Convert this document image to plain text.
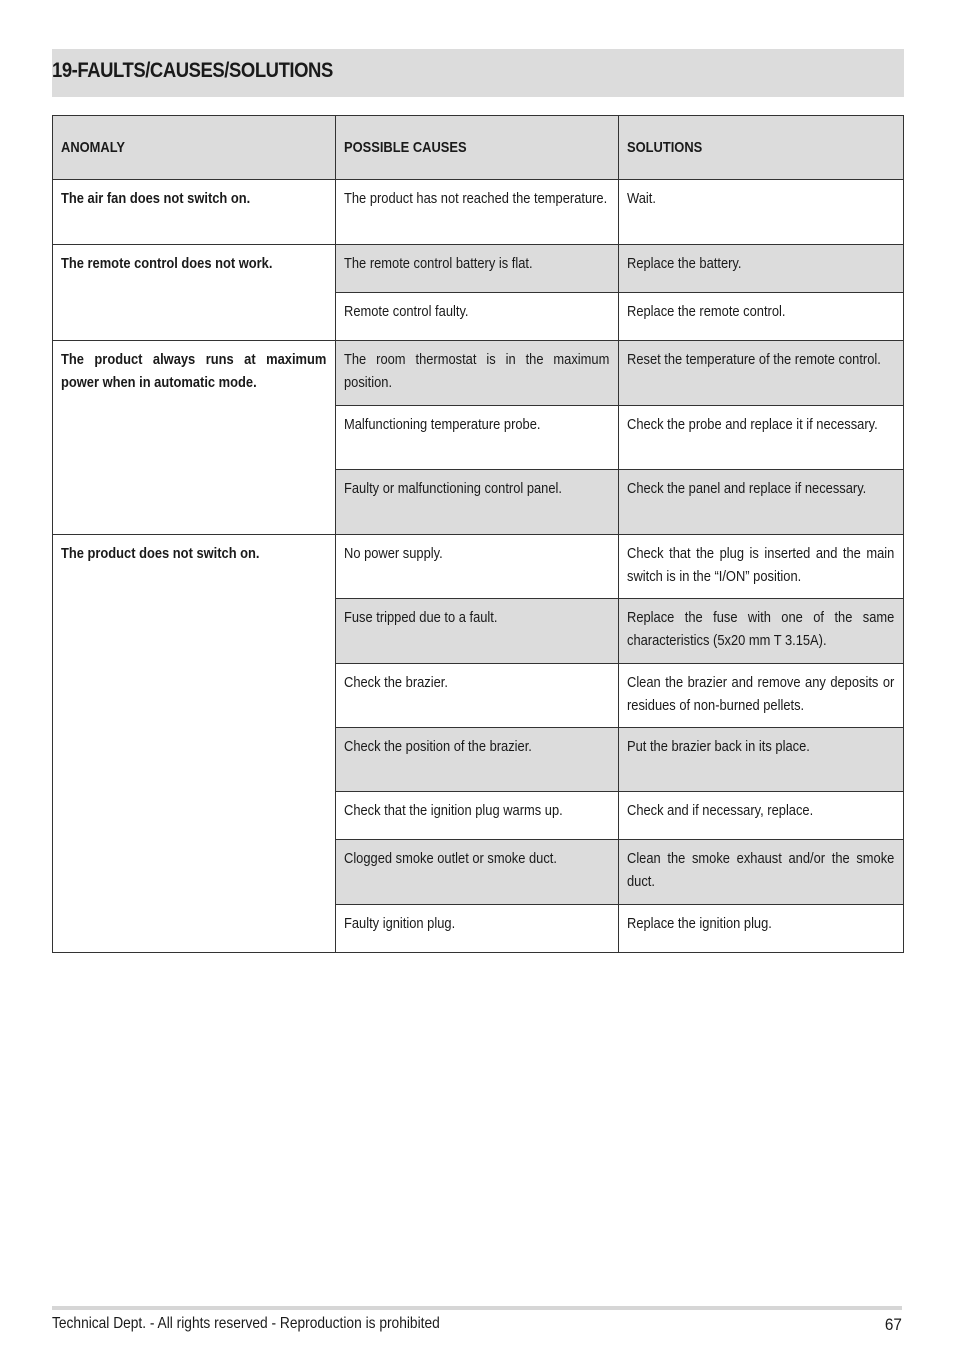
19-FAULTS/CAUSES/SOLUTIONS
ANOMALY	POSSIBLE CAUSES	SOLUTIONS

The air fan does not switch on.	The product has not reached the temperature.	Wait.

The remote control does not work.	The remote control battery is flat.	Replace the battery.

	Remote control faulty.	Replace the remote control.

The product always runs at maximum power when in automatic mode.	The room thermostat is in the maximum position.	Reset the temperature of the remote control.

	Malfunctioning temperature probe.	Check the probe and replace it if necessary.

	Faulty or malfunctioning control panel.	Check the panel and replace if necessary.

The product does not switch on.	No power supply.	Check that the plug is inserted and the main switch is in the “I/ON” position.

	Fuse tripped due to a fault.	Replace the fuse with one of the same characteristics (5x20 mm T 3.15A).

	Check the brazier.	Clean the brazier and remove any deposits or residues of non-burned pellets.

	Check the position of the brazier.	Put the brazier back in its place.

	Check that the ignition plug warms up.	Check and if necessary, replace.

	Clogged smoke outlet or smoke duct.	Clean the smoke exhaust and/or the smoke duct.

	Faulty ignition plug.	Replace the ignition plug.
Technical Dept. - All rights reserved - Reproduction is prohibited	67
